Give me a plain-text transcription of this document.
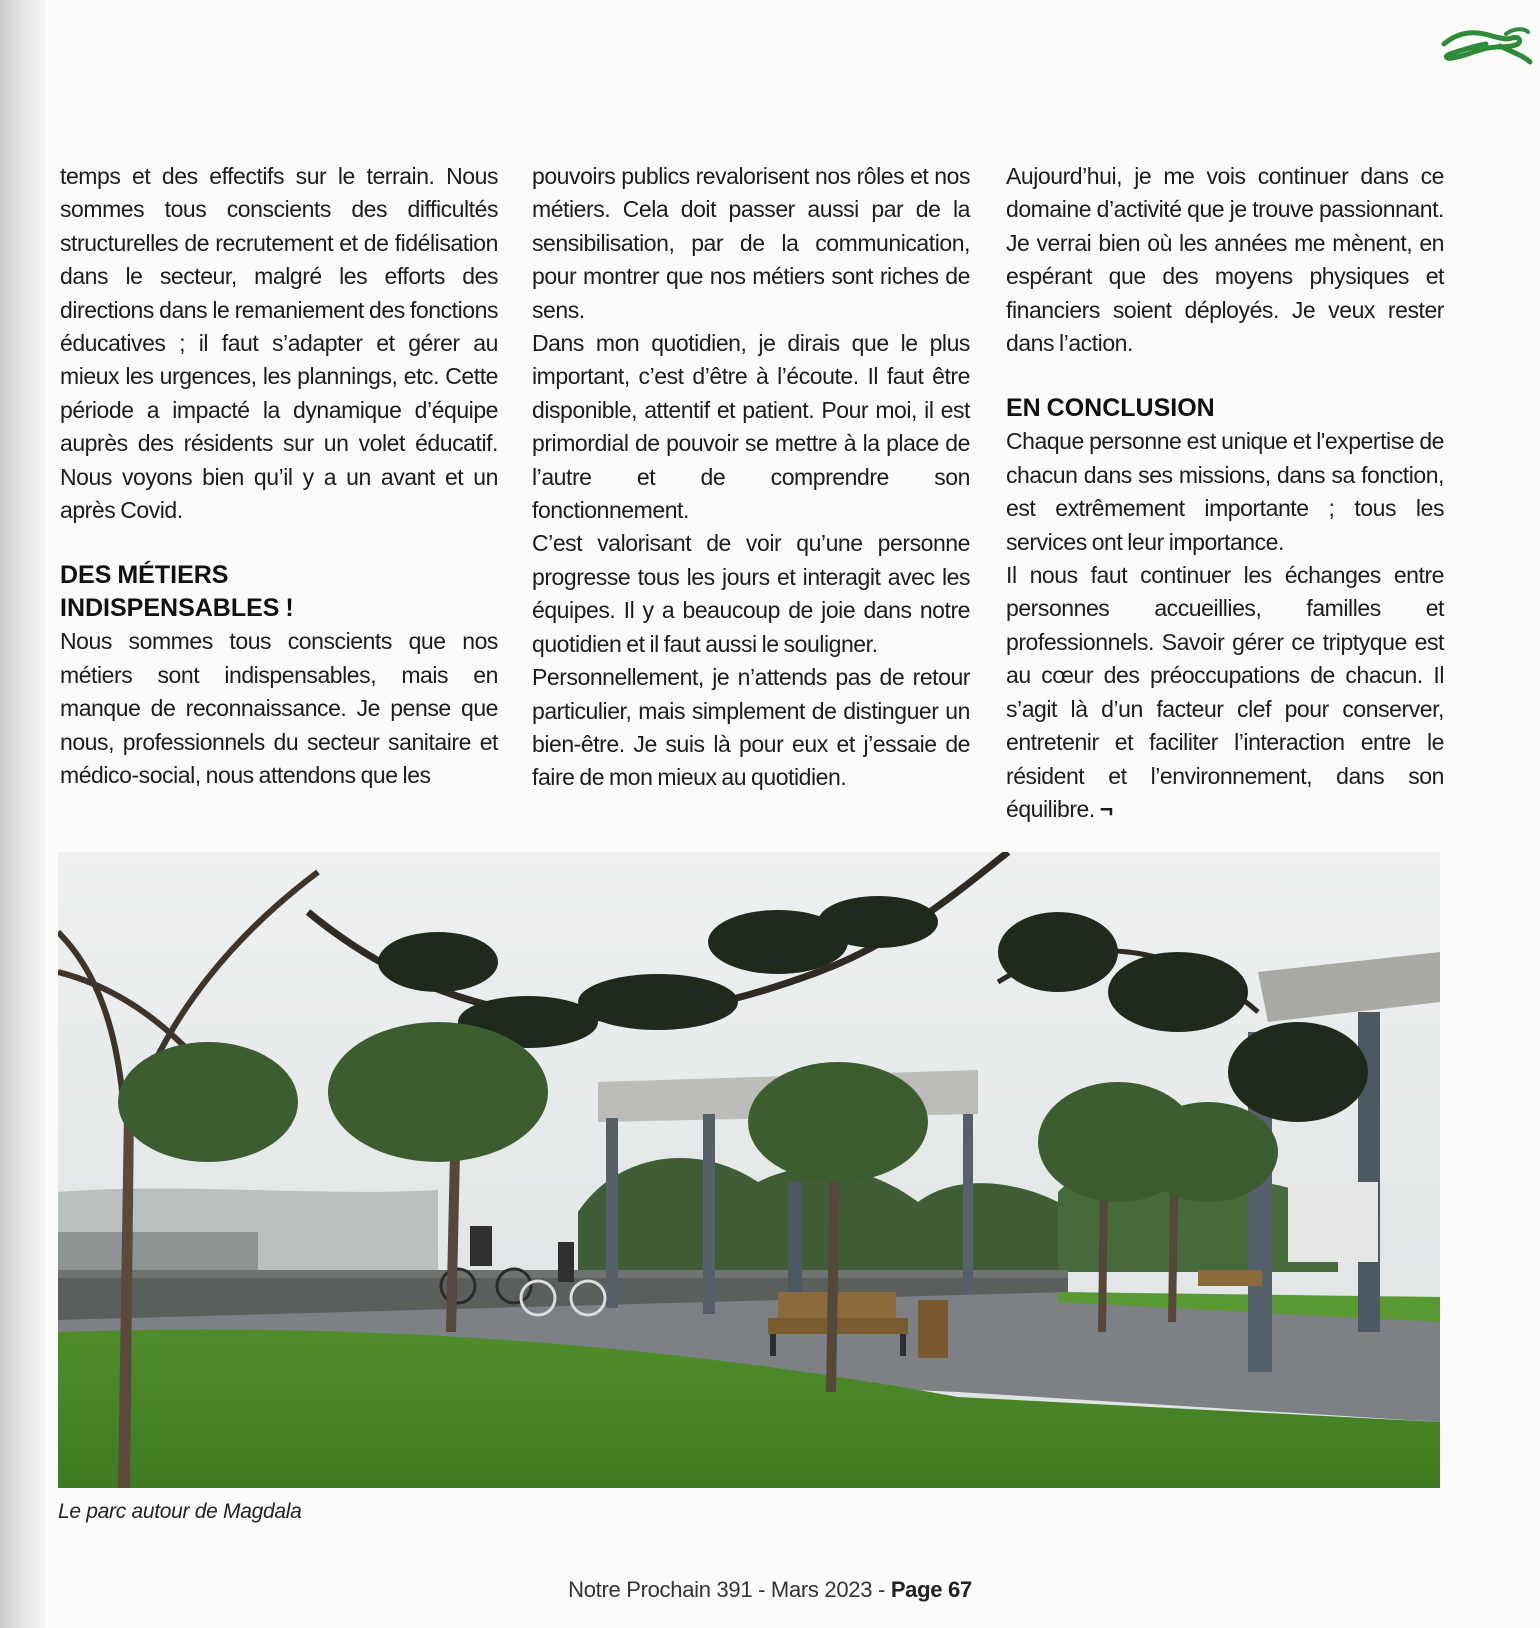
temps et des effectifs sur le terrain. Nous sommes tous conscients des difficultés structurelles de recrutement et de fidélisation dans le secteur, malgré les efforts des directions dans le remaniement des fonctions éducatives ; il faut s’adapter et gérer au mieux les urgences, les plannings, etc. Cette période a impacté la dynamique d’équipe auprès des résidents sur un volet éducatif. Nous voyons bien qu’il y a un avant et un après Covid.

DES MÉTIERS
INDISPENSABLES !

Nous sommes tous conscients que nos métiers sont indispensables, mais en manque de reconnaissance. Je pense que nous, professionnels du secteur sanitaire et médico-social, nous attendons que les

pouvoirs publics revalorisent nos rôles et nos métiers. Cela doit passer aussi par de la sensibilisation, par de la communication, pour montrer que nos métiers sont riches de sens.

Dans mon quotidien, je dirais que le plus important, c’est d’être à l’écoute. Il faut être disponible, attentif et patient. Pour moi, il est primordial de pouvoir se mettre à la place de l’autre et de comprendre son fonctionnement.

C’est valorisant de voir qu’une personne progresse tous les jours et interagit avec les équipes. Il y a beaucoup de joie dans notre quotidien et il faut aussi le souligner.

Personnellement, je n’attends pas de retour particulier, mais simplement de distinguer un bien-être. Je suis là pour eux et j’essaie de faire de mon mieux au quotidien.

Aujourd’hui, je me vois continuer dans ce domaine d’activité que je trouve passionnant. Je verrai bien où les années me mènent, en espérant que des moyens physiques et financiers soient déployés. Je veux rester dans l’action.

EN CONCLUSION

Chaque personne est unique et l'expertise de chacun dans ses missions, dans sa fonction, est extrêmement importante ; tous les services ont leur importance.

Il nous faut continuer les échanges entre personnes accueillies, familles et professionnels. Savoir gérer ce triptyque est au cœur des préoccupations de chacun. Il s’agit là d’un facteur clef pour conserver, entretenir et faciliter l’interaction entre le résident et l’environnement, dans son équilibre. ¬

Le parc autour de Magdala
Notre Prochain 391 - Mars 2023 - Page 67
